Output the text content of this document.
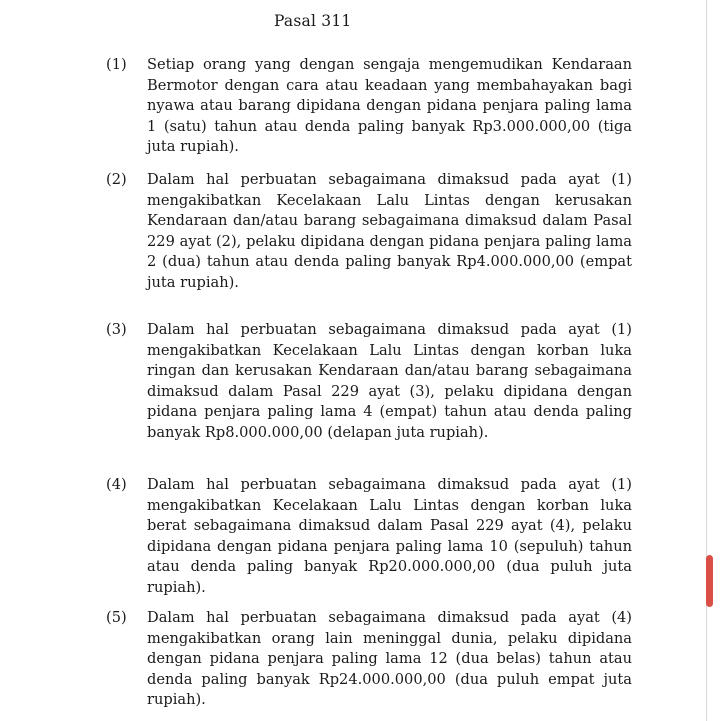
Pasal 311
(1) Setiap orang yang dengan sengaja mengemudikan Kendaraan Bermotor dengan cara atau keadaan yang membahayakan bagi nyawa atau barang dipidana dengan pidana penjara paling lama 1 (satu) tahun atau denda paling banyak Rp3.000.000,00 (tiga juta rupiah).
(2) Dalam hal perbuatan sebagaimana dimaksud pada ayat (1) mengakibatkan Kecelakaan Lalu Lintas dengan kerusakan Kendaraan dan/atau barang sebagaimana dimaksud dalam Pasal 229 ayat (2), pelaku dipidana dengan pidana penjara paling lama 2 (dua) tahun atau denda paling banyak Rp4.000.000,00 (empat juta rupiah).
(3) Dalam hal perbuatan sebagaimana dimaksud pada ayat (1) mengakibatkan Kecelakaan Lalu Lintas dengan korban luka ringan dan kerusakan Kendaraan dan/atau barang sebagaimana dimaksud dalam Pasal 229 ayat (3), pelaku dipidana dengan pidana penjara paling lama 4 (empat) tahun atau denda paling banyak Rp8.000.000,00 (delapan juta rupiah).
(4) Dalam hal perbuatan sebagaimana dimaksud pada ayat (1) mengakibatkan Kecelakaan Lalu Lintas dengan korban luka berat sebagaimana dimaksud dalam Pasal 229 ayat (4), pelaku dipidana dengan pidana penjara paling lama 10 (sepuluh) tahun atau denda paling banyak Rp20.000.000,00 (dua puluh juta rupiah).
(5) Dalam hal perbuatan sebagaimana dimaksud pada ayat (4) mengakibatkan orang lain meninggal dunia, pelaku dipidana dengan pidana penjara paling lama 12 (dua belas) tahun atau denda paling banyak Rp24.000.000,00 (dua puluh empat juta rupiah).
